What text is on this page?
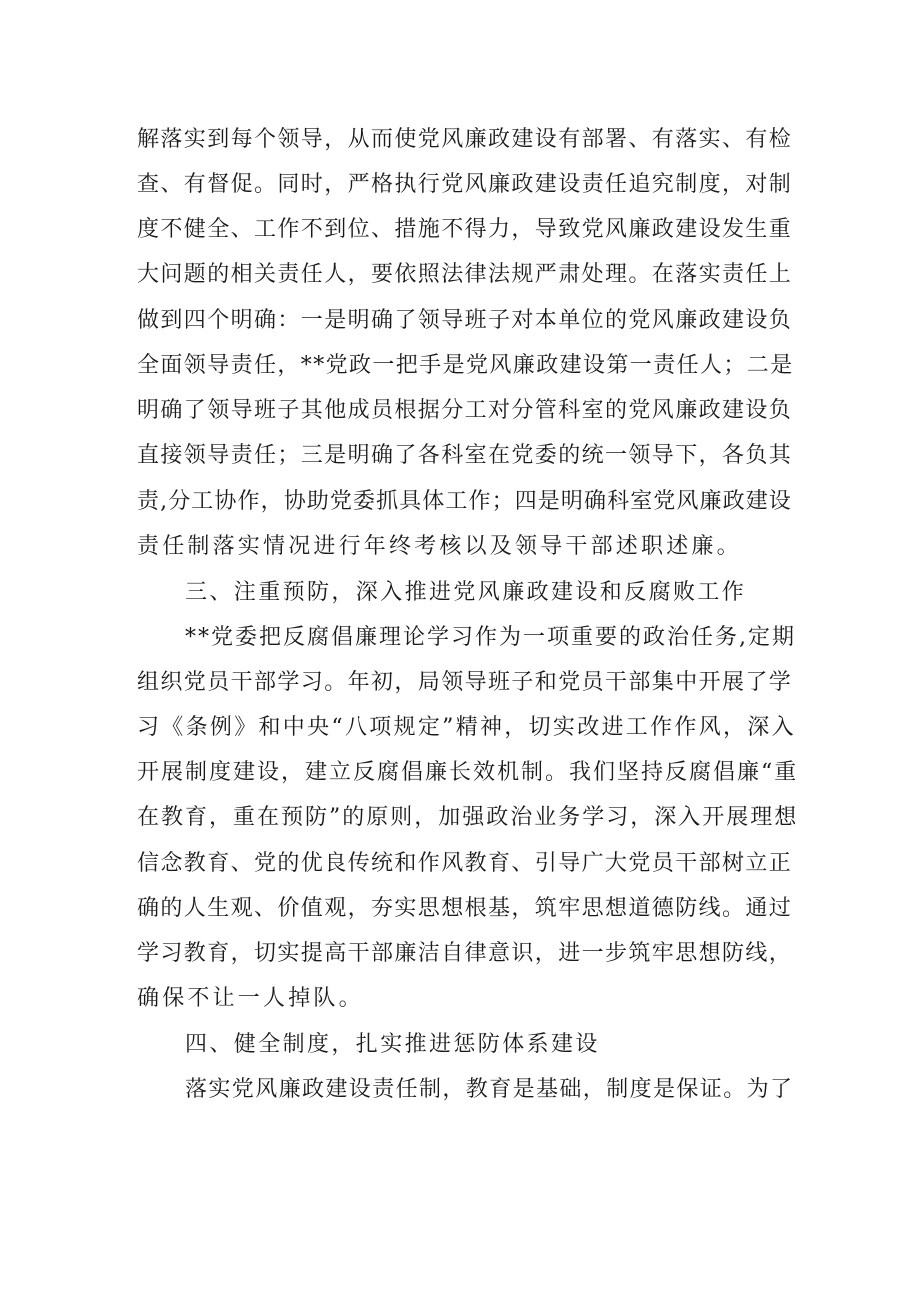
解落实到每个领导，从而使党风廉政建设有部署、有落实、有检
查、有督促。同时，严格执行党风廉政建设责任追究制度，对制
度不健全、工作不到位、措施不得力，导致党风廉政建设发生重
大问题的相关责任人，要依照法律法规严肃处理。在落实责任上
做到四个明确：一是明确了领导班子对本单位的党风廉政建设负
全面领导责任，**党政一把手是党风廉政建设第一责任人；二是
明确了领导班子其他成员根据分工对分管科室的党风廉政建设负
直接领导责任；三是明确了各科室在党委的统一领导下，各负其
责,分工协作，协助党委抓具体工作；四是明确科室党风廉政建设
责任制落实情况进行年终考核以及领导干部述职述廉。
三、注重预防，深入推进党风廉政建设和反腐败工作
**党委把反腐倡廉理论学习作为一项重要的政治任务,定期
组织党员干部学习。年初，局领导班子和党员干部集中开展了学
习《条例》和中央“八项规定”精神，切实改进工作作风，深入
开展制度建设，建立反腐倡廉长效机制。我们坚持反腐倡廉“重
在教育，重在预防”的原则，加强政治业务学习，深入开展理想
信念教育、党的优良传统和作风教育、引导广大党员干部树立正
确的人生观、价值观，夯实思想根基，筑牢思想道德防线。通过
学习教育，切实提高干部廉洁自律意识，进一步筑牢思想防线，
确保不让一人掉队。
四、健全制度，扎实推进惩防体系建设
落实党风廉政建设责任制，教育是基础，制度是保证。为了
